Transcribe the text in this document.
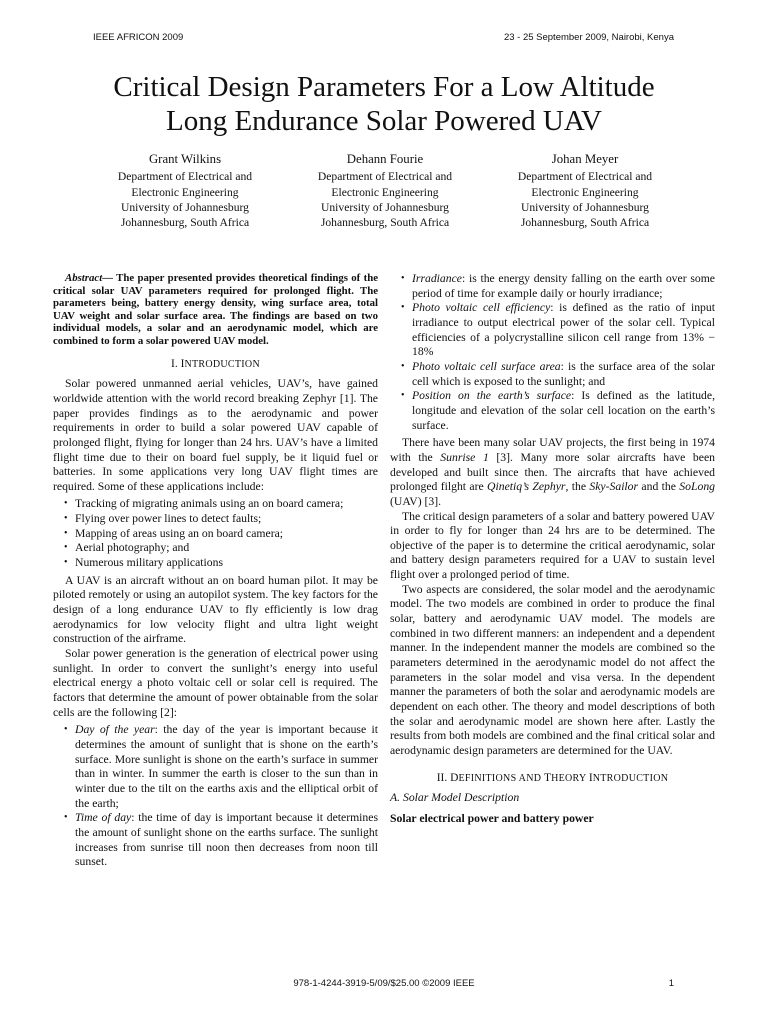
IEEE AFRICON 2009	23 - 25 September 2009, Nairobi, Kenya
Critical Design Parameters For a Low Altitude
Long Endurance Solar Powered UAV
Grant Wilkins
Department of Electrical and
Electronic Engineering
University of Johannesburg
Johannesburg, South Africa
Dehann Fourie
Department of Electrical and
Electronic Engineering
University of Johannesburg
Johannesburg, South Africa
Johan Meyer
Department of Electrical and
Electronic Engineering
University of Johannesburg
Johannesburg, South Africa

Abstract— The paper presented provides theoretical findings of the critical solar UAV parameters required for prolonged flight. The parameters being, battery energy density, wing surface area, total UAV weight and solar surface area. The findings are based on two individual models, a solar and an aerodynamic model, which are combined to form a solar powered UAV model.

I. INTRODUCTION

Solar powered unmanned aerial vehicles, UAV’s, have gained worldwide attention with the world record breaking Zephyr [1]. The paper provides findings as to the aerodynamic and power requirements in order to build a solar powered UAV capable of prolonged flight, flying for longer than 24 hrs. UAV’s have a limited flight time due to their on board fuel supply, be it liquid fuel or batteries. In some applications very long UAV flight times are required. Some of these applications include:

• Tracking of migrating animals using an on board camera;
• Flying over power lines to detect faults;
• Mapping of areas using an on board camera;
• Aerial photography; and
• Numerous military applications

A UAV is an aircraft without an on board human pilot. It may be piloted remotely or using an autopilot system. The key factors for the design of a long endurance UAV to fly efficiently is low drag aerodynamics for low velocity flight and ultra light weight construction of the airframe.

Solar power generation is the generation of electrical power using sunlight. In order to convert the sunlight’s energy into useful electrical energy a photo voltaic cell or solar cell is required. The factors that determine the amount of power obtainable from the solar cells are the following [2]:

• Day of the year: the day of the year is important because it determines the amount of sunlight that is shone on the earth’s surface. More sunlight is shone on the earth’s surface in summer than in winter. In summer the earth is closer to the sun than in winter due to the tilt on the earths axis and the elliptical orbit of the earth;
• Time of day: the time of day is important because it determines the amount of sunlight shone on the earths surface. The sunlight increases from sunrise till noon then decreases from noon till sunset.
• Irradiance: is the energy density falling on the earth over some period of time for example daily or hourly irradiance;
• Photo voltaic cell efficiency: is defined as the ratio of input irradiance to output electrical power of the solar cell. Typical efficiencies of a polycrystalline silicon cell range from 13% − 18%
• Photo voltaic cell surface area: is the surface area of the solar cell which is exposed to the sunlight; and
• Position on the earth’s surface: Is defined as the latitude, longitude and elevation of the solar cell location on the earth’s surface.

There have been many solar UAV projects, the first being in 1974 with the Sunrise 1 [3]. Many more solar aircrafts have been developed and built since then. The aircrafts that have achieved prolonged filght are Qinetiq’s Zephyr, the Sky-Sailor and the SoLong (UAV) [3].

The critical design parameters of a solar and battery powered UAV in order to fly for longer than 24 hrs are to be determined. The objective of the paper is to determine the critical aerodynamic, solar and battery design parameters required for a UAV to sustain level flight over a prolonged period of time.

Two aspects are considered, the solar model and the aerodynamic model. The two models are combined in order to produce the final solar, battery and aerodynamic UAV model. The models are combined in two different manners: an independent and a dependent manner. In the independent manner the models are combined so the parameters determined in the aerodynamic model do not affect the parameters in the solar model and visa versa. In the dependent manner the parameters of both the solar and aerodynamic models are dependent on each other. The theory and model descriptions of both the solar and aerodynamic model are shown here after. Lastly the results from both models are combined and the final critical solar and aerodynamic design parameters are determined for the UAV.

II. DEFINITIONS AND THEORY INTRODUCTION

A. Solar Model Description

Solar electrical power and battery power

978-1-4244-3919-5/09/$25.00 ©2009 IEEE	1
